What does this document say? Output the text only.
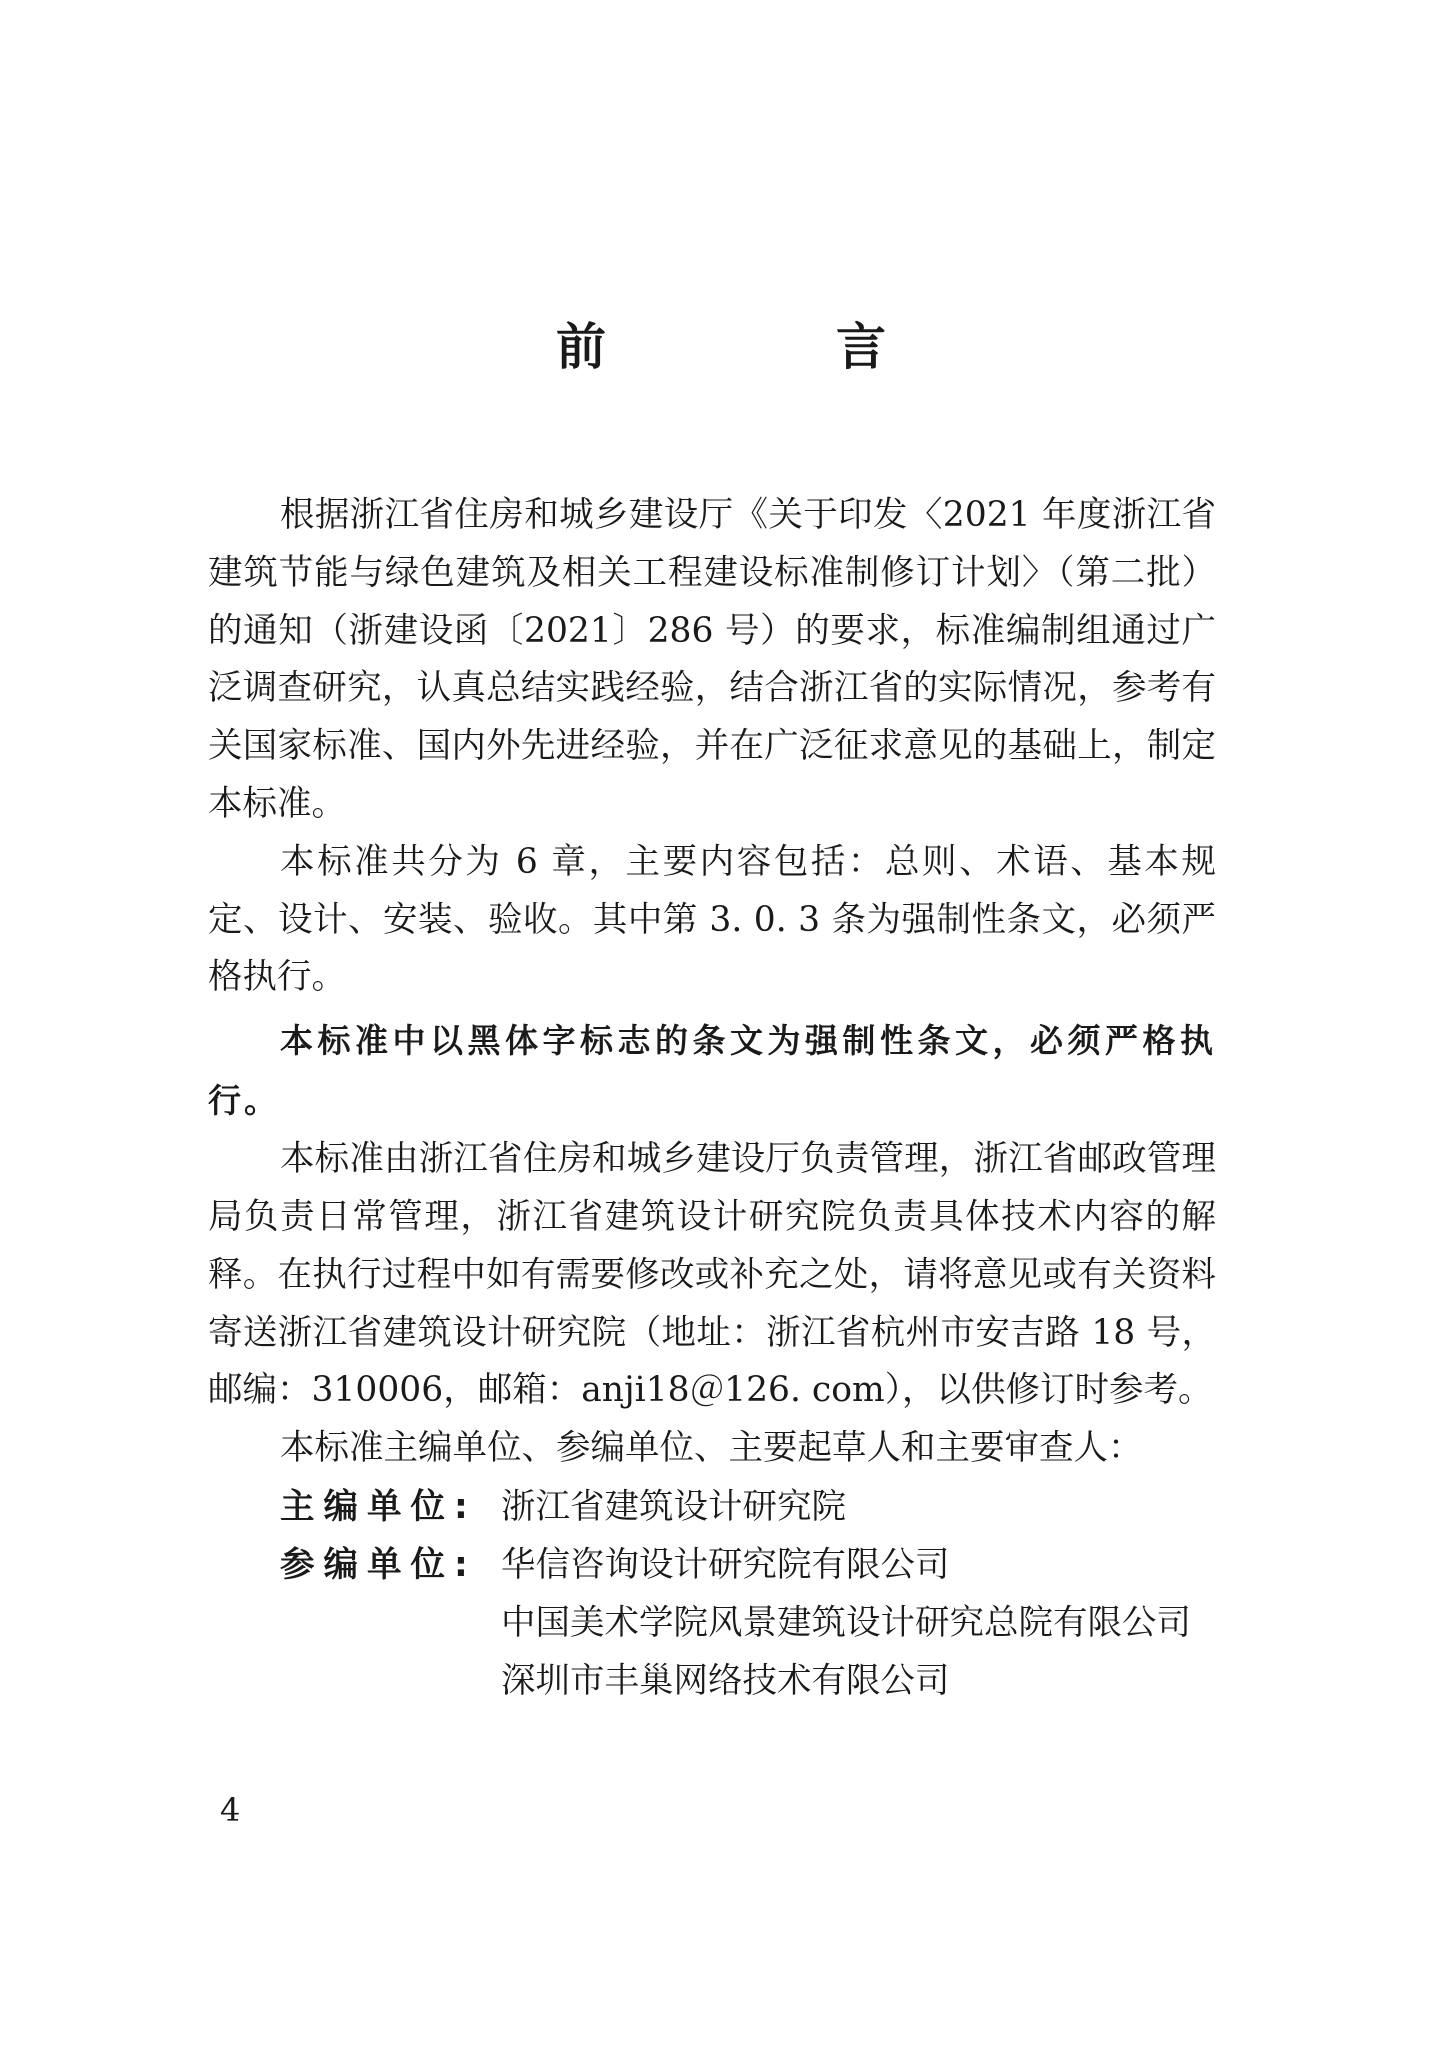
前　言

根据浙江省住房和城乡建设厅《关于印发〈2021 年度浙江省建筑节能与绿色建筑及相关工程建设标准制修订计划〉（第二批）的通知（浙建设函〔2021〕286 号）的要求，标准编制组通过广泛调查研究，认真总结实践经验，结合浙江省的实际情况，参考有关国家标准、国内外先进经验，并在广泛征求意见的基础上，制定本标准。

本标准共分为 6 章，主要内容包括：总则、术语、基本规定、设计、安装、验收。其中第 3. 0. 3 条为强制性条文，必须严格执行。

本标准中以黑体字标志的条文为强制性条文，必须严格执行。

本标准由浙江省住房和城乡建设厅负责管理，浙江省邮政管理局负责日常管理，浙江省建筑设计研究院负责具体技术内容的解释。在执行过程中如有需要修改或补充之处，请将意见或有关资料寄送浙江省建筑设计研究院（地址：浙江省杭州市安吉路 18 号，邮编：310006，邮箱：anji18＠126. com），以供修订时参考。

本标准主编单位、参编单位、主要起草人和主要审查人：

主编单位: 浙江省建筑设计研究院
参编单位: 华信咨询设计研究院有限公司
中国美术学院风景建筑设计研究总院有限公司
深圳市丰巢网络技术有限公司
4
